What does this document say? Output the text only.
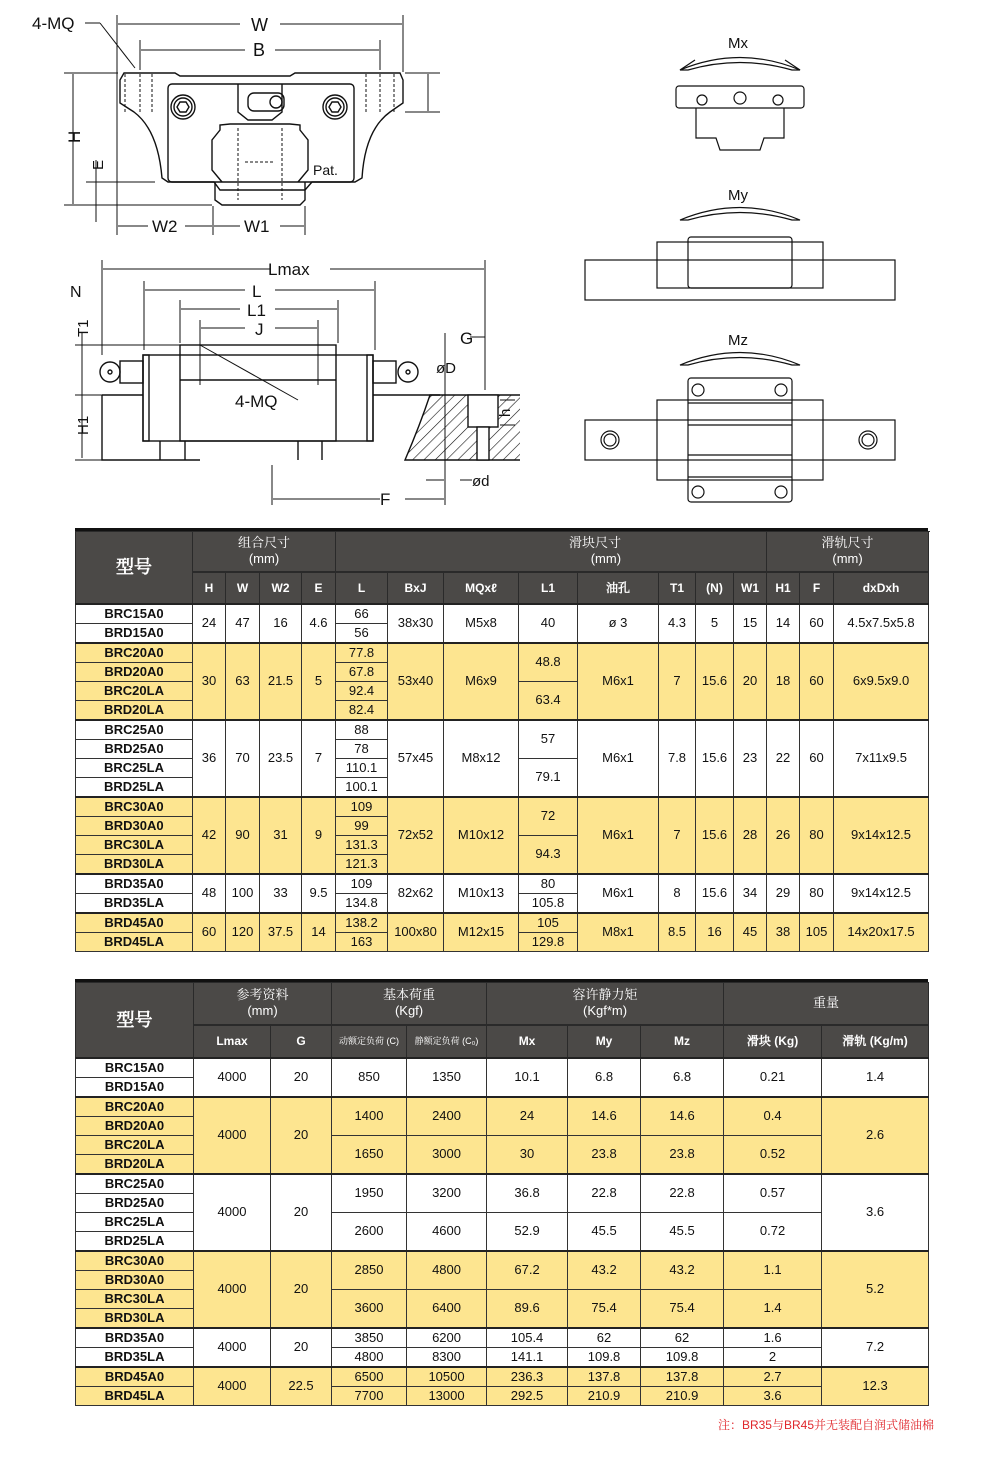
4-MQ	W
B
H
E
W2	W1
Pat.
Lmax
N	L
L1
J
T1
G
øD
4-MQ
h
H1
ød
F
Mx
My
Mz
型号	组合尺寸
(mm)				滑块尺寸
(mm)								滑轨尺寸
(mm)		
	H	W	W2	E	L	BxJ	MQxℓ	L1	油孔	T1	(N)	W1	H1	F	dxDxh
BRC15A0	24	47	16	4.6	66	38x30	M5x8	40	ø 3	4.3	5	15	14	60	4.5x7.5x5.8
BRD15A0					56										
BRC20A0	30	63	21.5	5	77.8	53x40	M6x9	48.8	M6x1	7	15.6	20	18	60	6x9.5x9.0
BRD20A0					67.8										
BRC20LA					92.4			63.4							
BRD20LA					82.4										
BRC25A0	36	70	23.5	7	88	57x45	M8x12	57	M6x1	7.8	15.6	23	22	60	7x11x9.5
BRD25A0					78										
BRC25LA					110.1			79.1							
BRD25LA					100.1										
BRC30A0	42	90	31	9	109	72x52	M10x12	72	M6x1	7	15.6	28	26	80	9x14x12.5
BRD30A0					99										
BRC30LA					131.3			94.3							
BRD30LA					121.3										
BRD35A0	48	100	33	9.5	109	82x62	M10x13	80	M6x1	8	15.6	34	29	80	9x14x12.5
BRD35LA					134.8			105.8							
BRD45A0	60	120	37.5	14	138.2	100x80	M12x15	105	M8x1	8.5	16	45	38	105	14x20x17.5
BRD45LA					163			129.8							
型号	参考资料
(mm)		基本荷重
(Kgf)		容许静力矩
(Kgf*m)			重量	
	Lmax	G	动额定负荷 (C)	静额定负荷 (C₀)	Mx	My	Mz	滑块 (Kg)	滑轨 (Kg/m)
BRC15A0	4000	20	850	1350	10.1	6.8	6.8	0.21	1.4
BRD15A0									
BRC20A0	4000	20	1400	2400	24	14.6	14.6	0.4	2.6
BRD20A0									
BRC20LA			1650	3000	30	23.8	23.8	0.52	
BRD20LA									
BRC25A0	4000	20	1950	3200	36.8	22.8	22.8	0.57	3.6
BRD25A0									
BRC25LA			2600	4600	52.9	45.5	45.5	0.72	
BRD25LA									
BRC30A0	4000	20	2850	4800	67.2	43.2	43.2	1.1	5.2
BRD30A0									
BRC30LA			3600	6400	89.6	75.4	75.4	1.4	
BRD30LA									
BRD35A0	4000	20	3850	6200	105.4	62	62	1.6	7.2
BRD35LA			4800	8300	141.1	109.8	109.8	2	
BRD45A0	4000	22.5	6500	10500	236.3	137.8	137.8	2.7	12.3
BRD45LA			7700	13000	292.5	210.9	210.9	3.6	
注：BR35与BR45并无装配自润式储油棉
